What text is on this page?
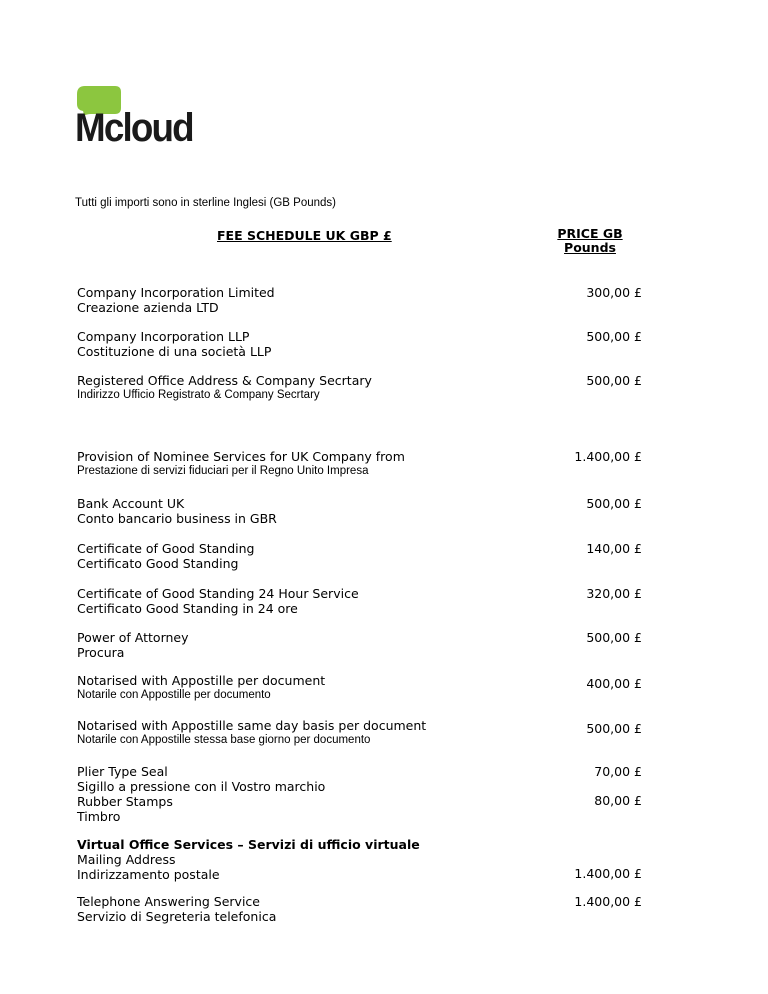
Mcloud
Tutti gli importi sono in sterline Inglesi (GB Pounds)
FEE SCHEDULE UK GBP £	PRICE GB
Pounds
Company Incorporation Limited
Creazione azienda LTD
300,00 £
Company Incorporation LLP
Costituzione di una società LLP
500,00 £
Registered Office Address & Company Secrtary
Indirizzo Ufficio Registrato & Company Secrtary
500,00 £
Provision of Nominee Services for UK Company from
Prestazione di servizi fiduciari per il Regno Unito Impresa
1.400,00 £
Bank Account UK
Conto bancario business in GBR
500,00 £
Certificate of Good Standing
Certificato Good Standing
140,00 £
Certificate of Good Standing 24 Hour Service
Certificato Good Standing in 24 ore
320,00 £
Power of Attorney
Procura
500,00 £
Notarised with Appostille per document
Notarile con Appostille per documento
400,00 £
Notarised with Appostille same day basis per document
Notarile con Appostille stessa base giorno per documento
500,00 £
Plier Type Seal
Sigillo a pressione con il Vostro marchio
Rubber Stamps
Timbro
70,00 £
80,00 £
Virtual Office Services – Servizi di ufficio virtuale
Mailing Address
Indirizzamento postale	1.400,00 £
Telephone Answering Service
Servizio di Segreteria telefonica
1.400,00 £
